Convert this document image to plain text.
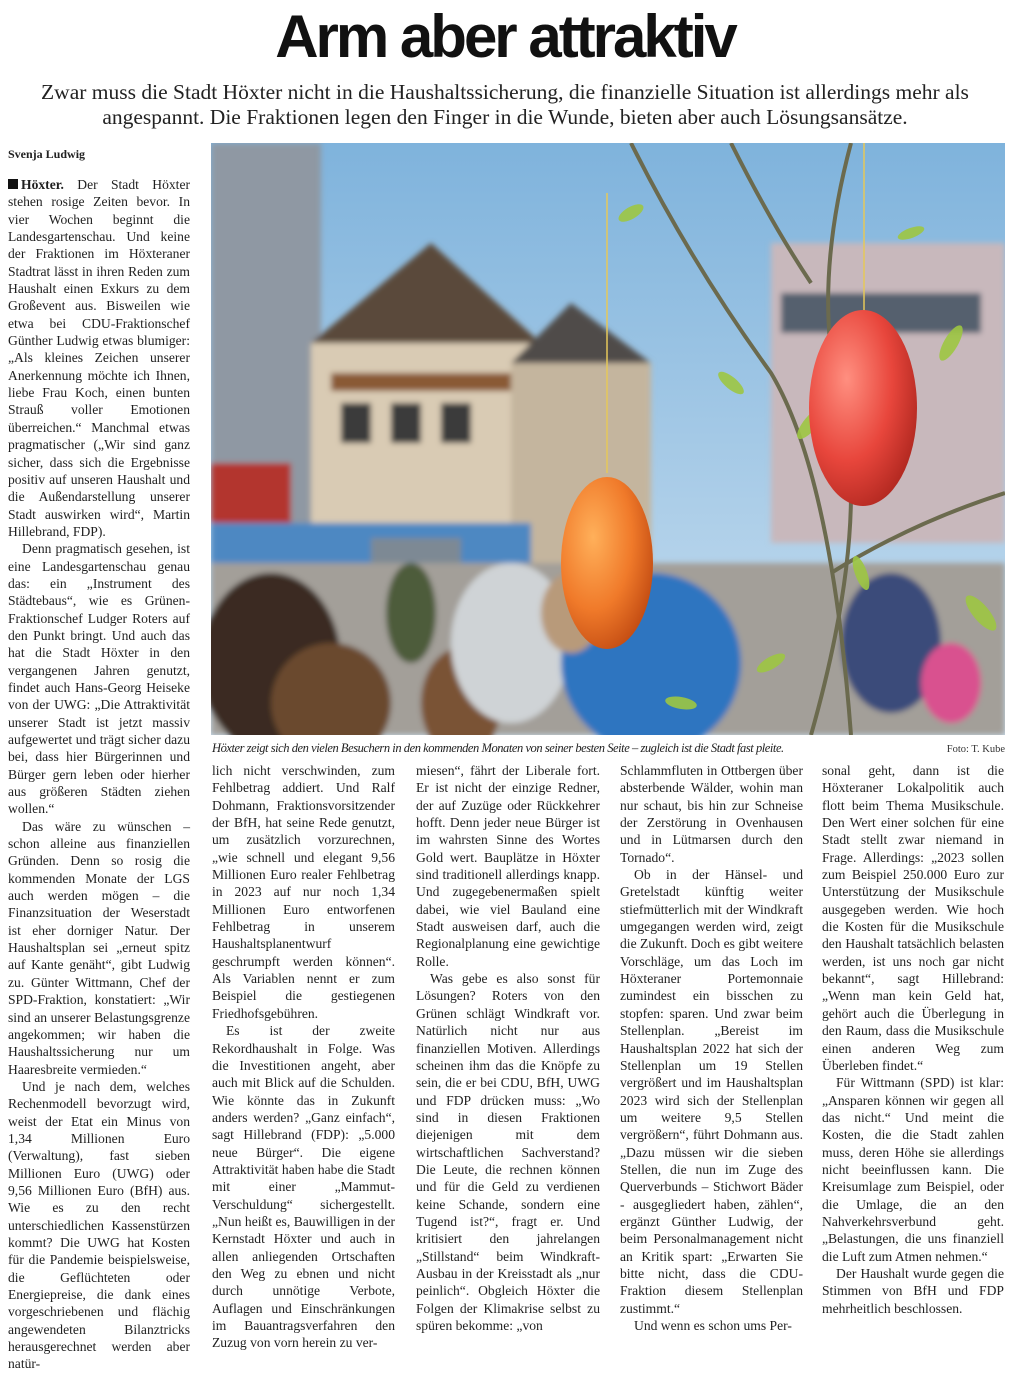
Arm aber attraktiv
Zwar muss die Stadt Höxter nicht in die Haushaltssicherung, die finanzielle Situation ist allerdings mehr als angespannt. Die Fraktionen legen den Finger in die Wunde, bieten aber auch Lösungsansätze.
Svenja Ludwig

Höxter. Der Stadt Höxter stehen rosige Zeiten bevor. In vier Wochen beginnt die Landesgartenschau. Und keine der Fraktionen im Höxteraner Stadtrat lässt in ihren Reden zum Haushalt einen Exkurs zu dem Großevent aus. Bisweilen wie etwa bei CDU-Fraktionschef Günther Ludwig etwas blumiger: „Als kleines Zeichen unserer Anerkennung möchte ich Ihnen, liebe Frau Koch, einen bunten Strauß voller Emotionen überreichen.“ Manchmal etwas pragmatischer („Wir sind ganz sicher, dass sich die Ergebnisse positiv auf unseren Haushalt und die Außendarstellung unserer Stadt auswirken wird“, Martin Hillebrand, FDP).

Denn pragmatisch gesehen, ist eine Landesgartenschau genau das: ein „Instrument des Städtebaus“, wie es Grünen-Fraktionschef Ludger Roters auf den Punkt bringt. Und auch das hat die Stadt Höxter in den vergangenen Jahren genutzt, findet auch Hans-Georg Heiseke von der UWG: „Die Attraktivität unserer Stadt ist jetzt massiv aufgewertet und trägt sicher dazu bei, dass hier Bürgerinnen und Bürger gern leben oder hierher aus größeren Städten ziehen wollen.“

Das wäre zu wünschen – schon alleine aus finanziellen Gründen. Denn so rosig die kommenden Monate der LGS auch werden mögen – die Finanzsituation der Weserstadt ist eher dorniger Natur. Der Haushaltsplan sei „erneut spitz auf Kante genäht“, gibt Ludwig zu. Günter Wittmann, Chef der SPD-Fraktion, konstatiert: „Wir sind an unserer Belastungsgrenze angekommen; wir haben die Haushaltssicherung nur um Haaresbreite vermieden.“

Und je nach dem, welches Rechenmodell bevorzugt wird, weist der Etat ein Minus von 1,34 Millionen Euro (Verwaltung), fast sieben Millionen Euro (UWG) oder 9,56 Millionen Euro (BfH) aus. Wie es zu den recht unterschiedlichen Kassenstürzen kommt? Die UWG hat Kosten für die Pandemie beispielsweise, die Geflüchteten oder Energiepreise, die dank eines vorgeschriebenen und flächig angewendeten Bilanztricks herausgerechnet werden aber natür-

Höxter zeigt sich den vielen Besuchern in den kommenden Monaten von seiner besten Seite – zugleich ist die Stadt fast pleite.	Foto: T. Kube

lich nicht verschwinden, zum Fehlbetrag addiert. Und Ralf Dohmann, Fraktionsvorsitzender der BfH, hat seine Rede genutzt, um zusätzlich vorzurechnen, „wie schnell und elegant 9,56 Millionen Euro realer Fehlbetrag in 2023 auf nur noch 1,34 Millionen Euro entworfenen Fehlbetrag in unserem Haushaltsplanentwurf geschrumpft werden können“. Als Variablen nennt er zum Beispiel die gestiegenen Friedhofsgebühren.

Es ist der zweite Rekordhaushalt in Folge. Was die Investitionen angeht, aber auch mit Blick auf die Schulden. Wie könnte das in Zukunft anders werden? „Ganz einfach“, sagt Hillebrand (FDP): „5.000 neue Bürger“. Die eigene Attraktivität haben habe die Stadt mit einer „Mammut-Verschuldung“ sichergestellt. „Nun heißt es, Bauwilligen in der Kernstadt Höxter und auch in allen anliegenden Ortschaften den Weg zu ebnen und nicht durch unnötige Verbote, Auflagen und Einschränkungen im Bauantragsverfahren den Zuzug von vorn herein zu ver-

miesen“, fährt der Liberale fort. Er ist nicht der einzige Redner, der auf Zuzüge oder Rückkehrer hofft. Denn jeder neue Bürger ist im wahrsten Sinne des Wortes Gold wert. Bauplätze in Höxter sind traditionell allerdings knapp. Und zugegebenermaßen spielt dabei, wie viel Bauland eine Stadt ausweisen darf, auch die Regionalplanung eine gewichtige Rolle.

Was gebe es also sonst für Lösungen? Roters von den Grünen schlägt Windkraft vor. Natürlich nicht nur aus finanziellen Motiven. Allerdings scheinen ihm das die Knöpfe zu sein, die er bei CDU, BfH, UWG und FDP drücken muss: „Wo sind in diesen Fraktionen diejenigen mit dem wirtschaftlichen Sachverstand? Die Leute, die rechnen können und für die Geld zu verdienen keine Schande, sondern eine Tugend ist?“, fragt er. Und kritisiert den jahrelangen „Stillstand“ beim Windkraft-Ausbau in der Kreisstadt als „nur peinlich“. Obgleich Höxter die Folgen der Klimakrise selbst zu spüren bekomme: „von

Schlammfluten in Ottbergen über absterbende Wälder, wohin man nur schaut, bis hin zur Schneise der Zerstörung in Ovenhausen und in Lütmarsen durch den Tornado“.

Ob in der Hänsel- und Gretelstadt künftig weiter stiefmütterlich mit der Windkraft umgegangen werden wird, zeigt die Zukunft. Doch es gibt weitere Vorschläge, um das Loch im Höxteraner Portemonnaie zumindest ein bisschen zu stopfen: sparen. Und zwar beim Stellenplan. „Bereist im Haushaltsplan 2022 hat sich der Stellenplan um 19 Stellen vergrößert und im Haushaltsplan 2023 wird sich der Stellenplan um weitere 9,5 Stellen vergrößern“, führt Dohmann aus. „Dazu müssen wir die sieben Stellen, die nun im Zuge des Querverbunds – Stichwort Bäder - ausgegliedert haben, zählen“, ergänzt Günther Ludwig, der beim Personalmanagement nicht an Kritik spart: „Erwarten Sie bitte nicht, dass die CDU-Fraktion diesem Stellenplan zustimmt.“

Und wenn es schon ums Per-

sonal geht, dann ist die Höxteraner Lokalpolitik auch flott beim Thema Musikschule. Den Wert einer solchen für eine Stadt stellt zwar niemand in Frage. Allerdings: „2023 sollen zum Beispiel 250.000 Euro zur Unterstützung der Musikschule ausgegeben werden. Wie hoch die Kosten für die Musikschule den Haushalt tatsächlich belasten werden, ist uns noch gar nicht bekannt“, sagt Hillebrand: „Wenn man kein Geld hat, gehört auch die Überlegung in den Raum, dass die Musikschule einen anderen Weg zum Überleben findet.“

Für Wittmann (SPD) ist klar: „Ansparen können wir gegen all das nicht.“ Und meint die Kosten, die die Stadt zahlen muss, deren Höhe sie allerdings nicht beeinflussen kann. Die Kreisumlage zum Beispiel, oder die Umlage, die an den Nahverkehrsverbund geht. „Belastungen, die uns finanziell die Luft zum Atmen nehmen.“

Der Haushalt wurde gegen die Stimmen von BfH und FDP mehrheitlich beschlossen.
